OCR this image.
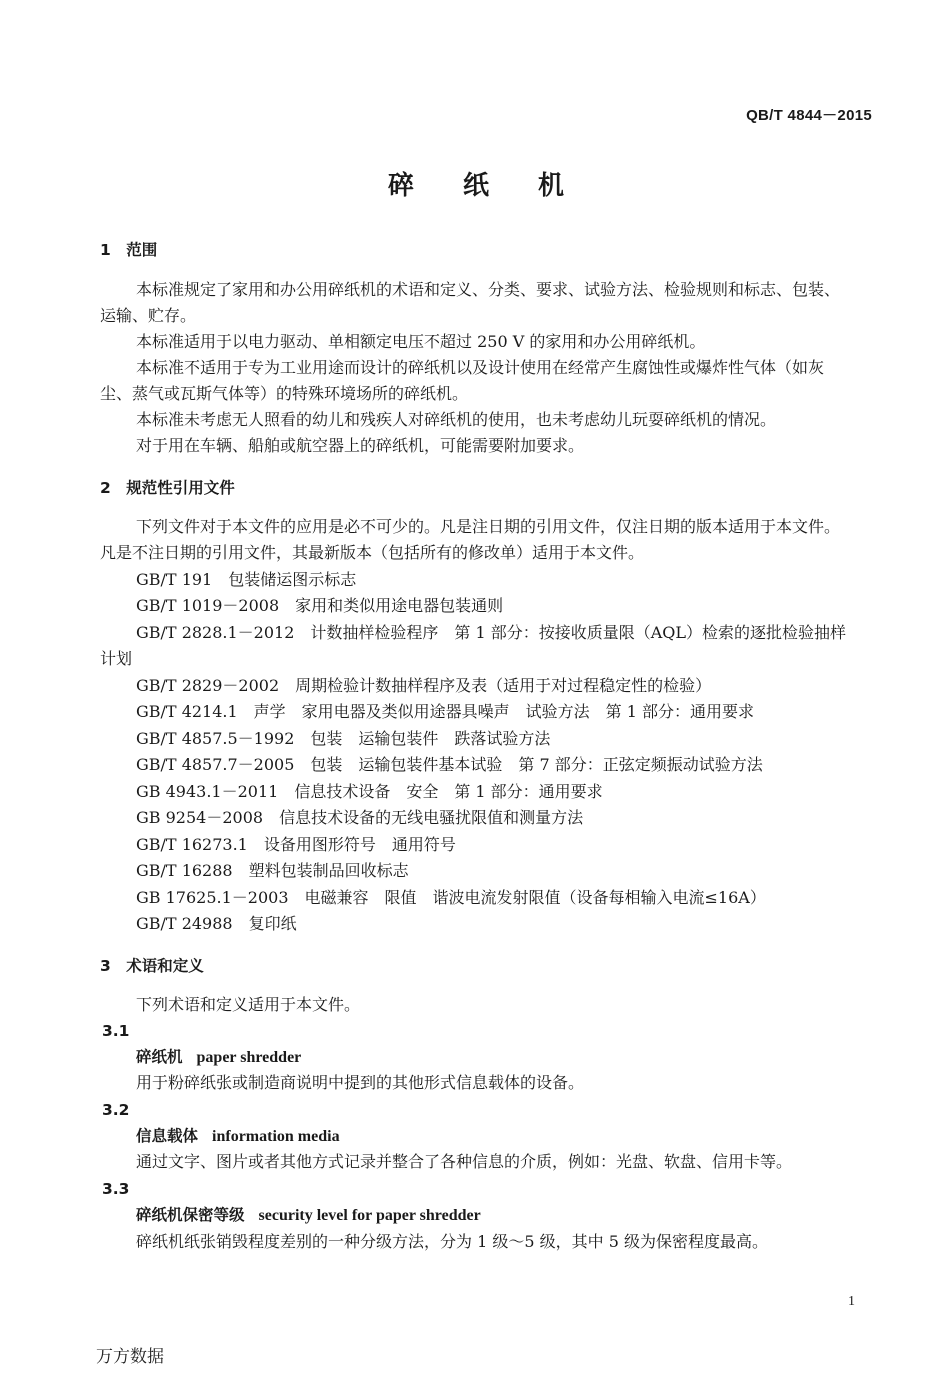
QB/T 4844－2015
碎 纸 机
1　范围
本标准规定了家用和办公用碎纸机的术语和定义、分类、要求、试验方法、检验规则和标志、包装、
运输、贮存。
本标准适用于以电力驱动、单相额定电压不超过 250 V 的家用和办公用碎纸机。
本标准不适用于专为工业用途而设计的碎纸机以及设计使用在经常产生腐蚀性或爆炸性气体（如灰
尘、蒸气或瓦斯气体等）的特殊环境场所的碎纸机。
本标准未考虑无人照看的幼儿和残疾人对碎纸机的使用，也未考虑幼儿玩耍碎纸机的情况。
对于用在车辆、船舶或航空器上的碎纸机，可能需要附加要求。
2　规范性引用文件
下列文件对于本文件的应用是必不可少的。凡是注日期的引用文件，仅注日期的版本适用于本文件。
凡是不注日期的引用文件，其最新版本（包括所有的修改单）适用于本文件。
GB/T 191　包装储运图示标志
GB/T 1019－2008　家用和类似用途电器包装通则
GB/T 2828.1－2012　计数抽样检验程序　第 1 部分：按接收质量限（AQL）检索的逐批检验抽样
计划
GB/T 2829－2002　周期检验计数抽样程序及表（适用于对过程稳定性的检验）
GB/T 4214.1　声学　家用电器及类似用途器具噪声　试验方法　第 1 部分：通用要求
GB/T 4857.5－1992　包装　运输包装件　跌落试验方法
GB/T 4857.7－2005　包装　运输包装件基本试验　第 7 部分：正弦定频振动试验方法
GB 4943.1－2011　信息技术设备　安全　第 1 部分：通用要求
GB 9254－2008　信息技术设备的无线电骚扰限值和测量方法
GB/T 16273.1　设备用图形符号　通用符号
GB/T 16288　塑料包装制品回收标志
GB 17625.1－2003　电磁兼容　限值　谐波电流发射限值（设备每相输入电流≤16A）
GB/T 24988　复印纸
3　术语和定义
下列术语和定义适用于本文件。
3.1
碎纸机 paper shredder
用于粉碎纸张或制造商说明中提到的其他形式信息载体的设备。
3.2
信息载体 information media
通过文字、图片或者其他方式记录并整合了各种信息的介质，例如：光盘、软盘、信用卡等。
3.3
碎纸机保密等级 security level for paper shredder
碎纸机纸张销毁程度差别的一种分级方法，分为 1 级～5 级，其中 5 级为保密程度最高。
1
万方数据
